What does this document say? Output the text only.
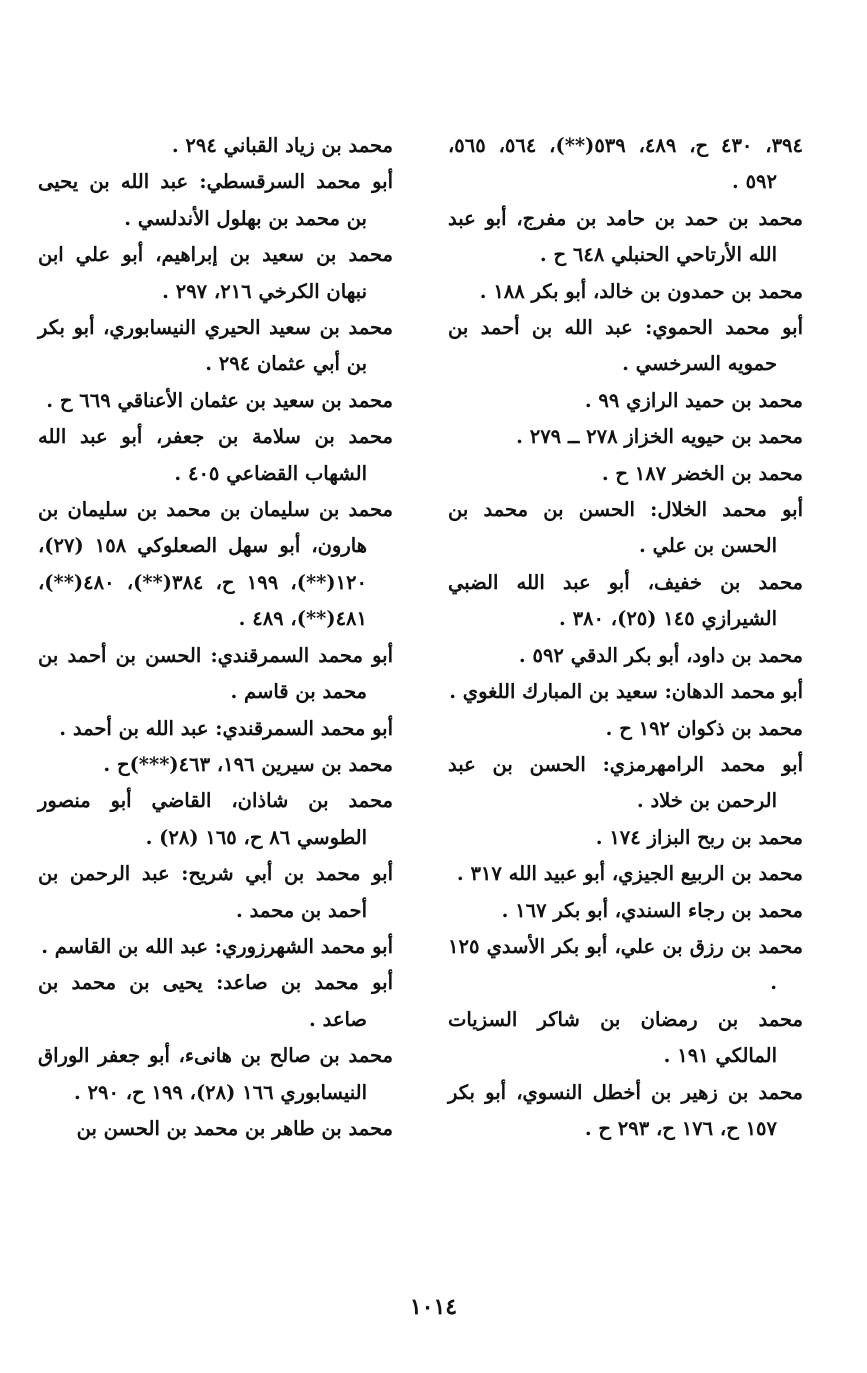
٣٩٤، ٤٣٠ ح، ٤٨٩، ٥٣٩(**)، ٥٦٤، ٥٦٥، ٥٩٢ .

محمد بن حمد بن حامد بن مفرج، أبو عبد الله الأرتاحي الحنبلي ٦٤٨ ح .

محمد بن حمدون بن خالد، أبو بكر ١٨٨ .

أبو محمد الحموي: عبد الله بن أحمد بن حمويه السرخسي .

محمد بن حميد الرازي ٩٩ .

محمد بن حيويه الخزاز ٢٧٨ ــ ٢٧٩ .

محمد بن الخضر ١٨٧ ح .

أبو محمد الخلال: الحسن بن محمد بن الحسن بن علي .

محمد بن خفيف، أبو عبد الله الضبي الشيرازي ١٤٥ (٢٥)، ٣٨٠ .

محمد بن داود، أبو بكر الدقي ٥٩٢ .

أبو محمد الدهان: سعيد بن المبارك اللغوي .

محمد بن ذكوان ١٩٢ ح .

أبو محمد الرامهرمزي: الحسن بن عبد الرحمن بن خلاد .

محمد بن ربح البزاز ١٧٤ .

محمد بن الربيع الجيزي، أبو عبيد الله ٣١٧ .

محمد بن رجاء السندي، أبو بكر ١٦٧ .

محمد بن رزق بن علي، أبو بكر الأسدي ١٢٥ .

محمد بن رمضان بن شاكر السزيات المالكي ١٩١ .

محمد بن زهير بن أخطل النسوي، أبو بكر ١٥٧ ح، ١٧٦ ح، ٢٩٣ ح .

محمد بن زياد القباني ٢٩٤ .

أبو محمد السرقسطي: عبد الله بن يحيى بن محمد بن بهلول الأندلسي .

محمد بن سعيد بن إبراهيم، أبو علي ابن نبهان الكرخي ٢١٦، ٢٩٧ .

محمد بن سعيد الحيري النيسابوري، أبو بكر بن أبي عثمان ٢٩٤ .

محمد بن سعيد بن عثمان الأعناقي ٦٦٩ ح .

محمد بن سلامة بن جعفر، أبو عبد الله الشهاب القضاعي ٤٠٥ .

محمد بن سليمان بن محمد بن سليمان بن هارون، أبو سهل الصعلوكي ١٥٨ (٢٧)، ١٢٠(**)، ١٩٩ ح، ٣٨٤(**)، ٤٨٠(**)، ٤٨١(**)، ٤٨٩ .

أبو محمد السمرقندي: الحسن بن أحمد بن محمد بن قاسم .

أبو محمد السمرقندي: عبد الله بن أحمد .

محمد بن سيرين ١٩٦، ٤٦٣(***)ح .

محمد بن شاذان، القاضي أبو منصور الطوسي ٨٦ ح، ١٦٥ (٢٨) .

أبو محمد بن أبي شريح: عبد الرحمن بن أحمد بن محمد .

أبو محمد الشهرزوري: عبد الله بن القاسم .

أبو محمد بن صاعد: يحيى بن محمد بن صاعد .

محمد بن صالح بن هانىء، أبو جعفر الوراق النيسابوري ١٦٦ (٢٨)، ١٩٩ ح، ٢٩٠ .

محمد بن طاهر بن محمد بن الحسن بن

١٠١٤
